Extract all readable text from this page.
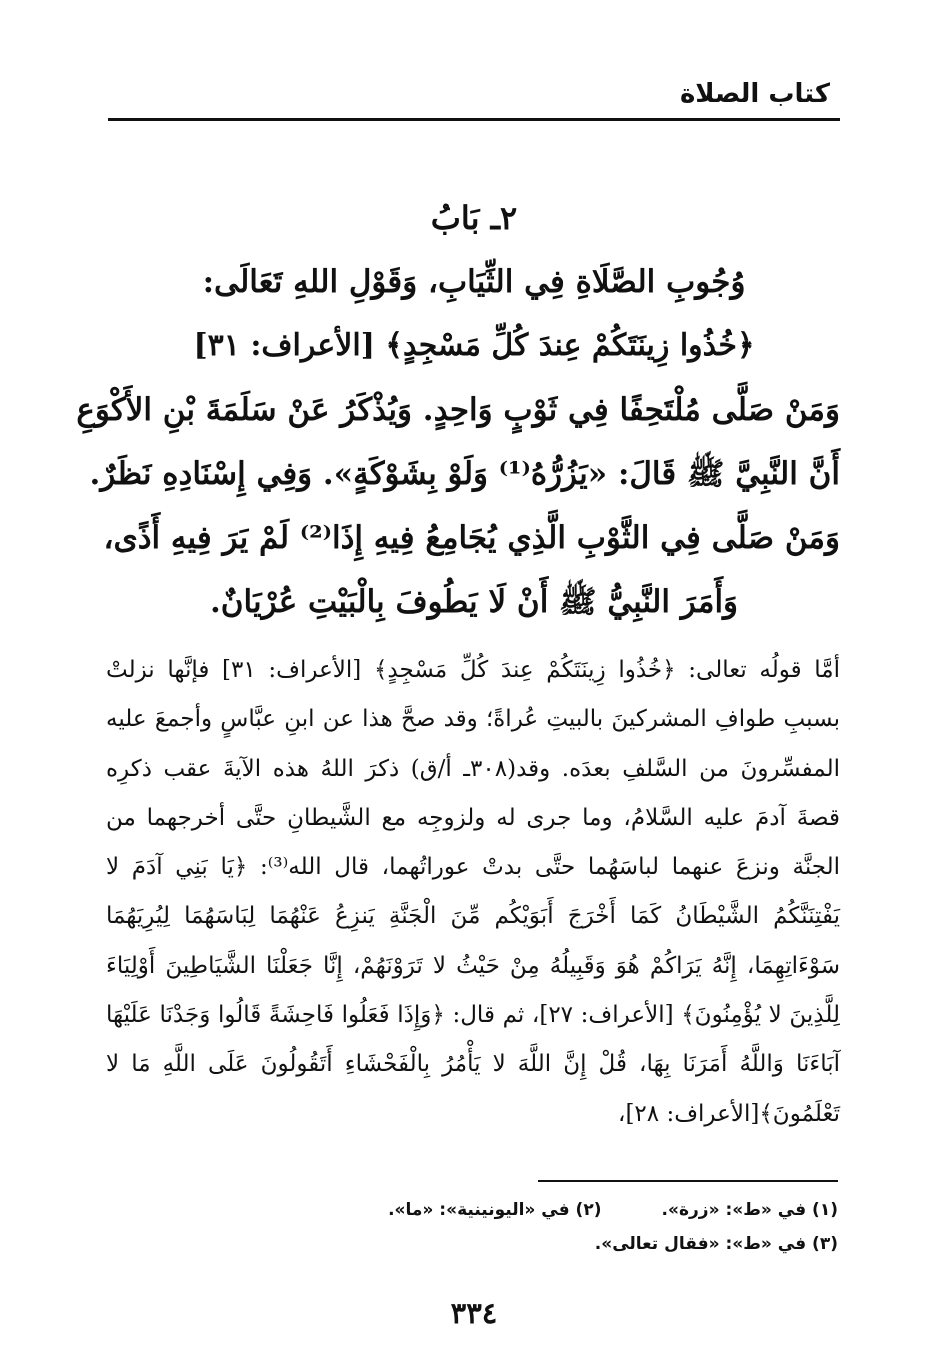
كتاب الصلاة
٢ـ بَابُ
وُجُوبِ الصَّلَاةِ فِي الثِّيَابِ، وَقَوْلِ اللهِ تَعَالَى:
﴿خُذُوا زِينَتَكُمْ عِندَ كُلِّ مَسْجِدٍ﴾ [الأعراف: ٣١]
وَمَنْ صَلَّى مُلْتَحِفًا فِي ثَوْبٍ وَاحِدٍ. وَيُذْكَرُ عَنْ سَلَمَةَ بْنِ الأَكْوَعِ
أَنَّ النَّبِيَّ ﷺ قَالَ: «يَزُرُّهُ⁽¹⁾ وَلَوْ بِشَوْكَةٍ». وَفِي إِسْنَادِهِ نَظَرٌ.
وَمَنْ صَلَّى فِي الثَّوْبِ الَّذِي يُجَامِعُ فِيهِ إِذَا⁽²⁾ لَمْ يَرَ فِيهِ أَذًى،
وَأَمَرَ النَّبِيُّ ﷺ أَنْ لَا يَطُوفَ بِالْبَيْتِ عُرْيَانٌ.

أمَّا قولُه تعالى: ﴿خُذُوا زِينَتَكُمْ عِندَ كُلِّ مَسْجِدٍ﴾ [الأعراف: ٣١] فإنَّها نزلتْ بسببِ طوافِ المشركينَ بالبيتِ عُراةً؛ وقد صحَّ هذا عن ابنِ عبَّاسٍ وأجمعَ عليه المفسِّرونَ من السَّلفِ بعدَه. وقد(٣٠٨ـ أ/ق) ذكرَ اللهُ هذه الآيةَ عقب ذكرِه قصةَ آدمَ عليه السَّلامُ، وما جرى له ولزوجِه مع الشَّيطانِ حتَّى أخرجهما من الجنَّة ونزعَ عنهما لباسَهُما حتَّى بدتْ عوراتُهما، قال الله⁽³⁾: ﴿يَا بَنِي آدَمَ لا يَفْتِنَنَّكُمُ الشَّيْطَانُ كَمَا أَخْرَجَ أَبَوَيْكُم مِّنَ الْجَنَّةِ يَنزِعُ عَنْهُمَا لِبَاسَهُمَا لِيُرِيَهُمَا سَوْءَاتِهِمَا، إِنَّهُ يَرَاكُمْ هُوَ وَقَبِيلُهُ مِنْ حَيْثُ لا تَرَوْنَهُمْ، إِنَّا جَعَلْنَا الشَّيَاطِينَ أَوْلِيَاءَ لِلَّذِينَ لا يُؤْمِنُونَ﴾ [الأعراف: ٢٧]، ثم قال: ﴿وَإِذَا فَعَلُوا فَاحِشَةً قَالُوا وَجَدْنَا عَلَيْهَا آبَاءَنَا وَاللَّهُ أَمَرَنَا بِهَا، قُلْ إِنَّ اللَّهَ لا يَأْمُرُ بِالْفَحْشَاءِ أَتَقُولُونَ عَلَى اللَّهِ مَا لا تَعْلَمُونَ﴾[الأعراف: ٢٨]،

(١) في «ط»: «زرة».
(٢) في «اليونينية»: «ما».
(٣) في «ط»: «فقال تعالى».
٣٣٤
